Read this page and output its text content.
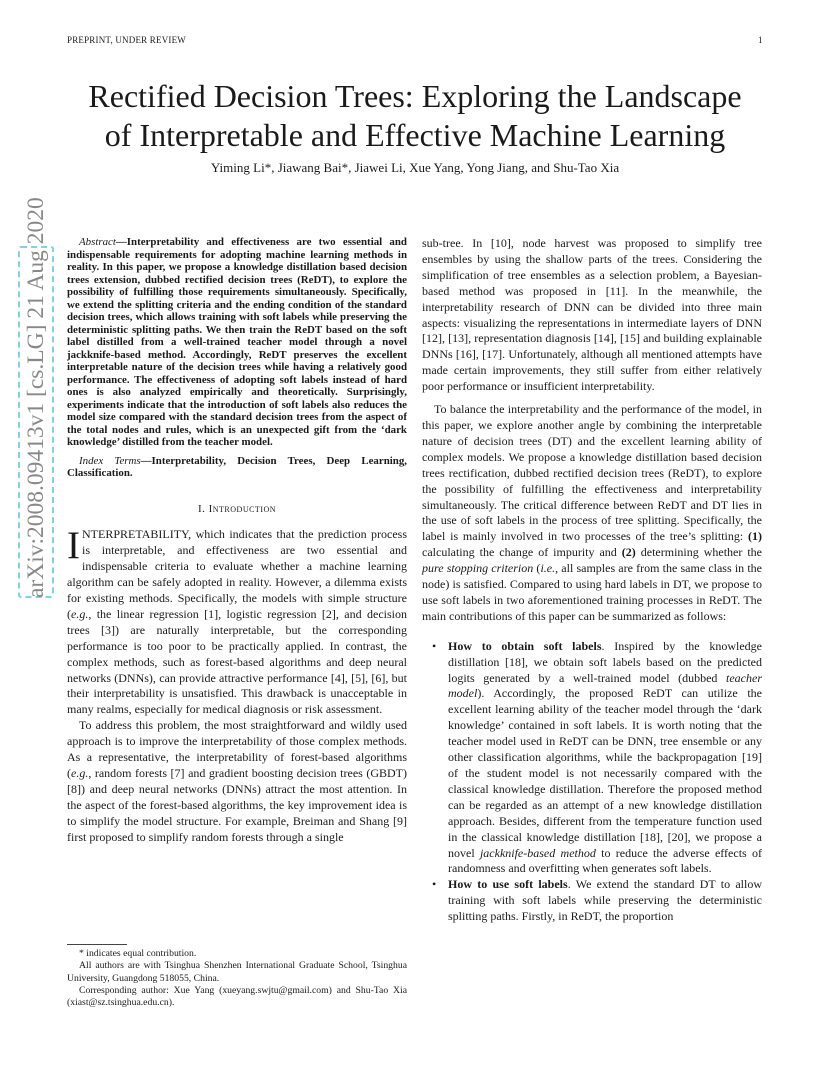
PREPRINT, UNDER REVIEW	1
Rectified Decision Trees: Exploring the Landscape
of Interpretable and Effective Machine Learning
Yiming Li*, Jiawang Bai*, Jiawei Li, Xue Yang, Yong Jiang, and Shu-Tao Xia
arXiv:2008.09413v1 [cs.LG] 21 Aug 2020	Abstract—Interpretability and effectiveness are two essential and indispensable requirements for adopting machine learning methods in reality. In this paper, we propose a knowledge distillation based decision trees extension, dubbed rectified decision trees (ReDT), to explore the possibility of fulfilling those requirements simultaneously. Specifically, we extend the splitting criteria and the ending condition of the standard decision trees, which allows training with soft labels while preserving the deterministic splitting paths. We then train the ReDT based on the soft label distilled from a well-trained teacher model through a novel jackknife-based method. Accordingly, ReDT preserves the excellent interpretable nature of the decision trees while having a relatively good performance. The effectiveness of adopting soft labels instead of hard ones is also analyzed empirically and theoretically. Surprisingly, experiments indicate that the introduction of soft labels also reduces the model size compared with the standard decision trees from the aspect of the total nodes and rules, which is an unexpected gift from the ‘dark knowledge’ distilled from the teacher model.

Index Terms—Interpretability, Decision Trees, Deep Learning, Classification.

I. Introduction

INTERPRETABILITY, which indicates that the prediction process is interpretable, and effectiveness are two essential and indispensable criteria to evaluate whether a machine learning algorithm can be safely adopted in reality. However, a dilemma exists for existing methods. Specifically, the models with simple structure (e.g., the linear regression [1], logistic regression [2], and decision trees [3]) are naturally interpretable, but the corresponding performance is too poor to be practically applied. In contrast, the complex methods, such as forest-based algorithms and deep neural networks (DNNs), can provide attractive performance [4], [5], [6], but their interpretability is unsatisfied. This drawback is unacceptable in many realms, especially for medical diagnosis or risk assessment.

To address this problem, the most straightforward and wildly used approach is to improve the interpretability of those complex methods. As a representative, the interpretability of forest-based algorithms (e.g., random forests [7] and gradient boosting decision trees (GBDT) [8]) and deep neural networks (DNNs) attract the most attention. In the aspect of the forest-based algorithms, the key improvement idea is to simplify the model structure. For example, Breiman and Shang [9] first proposed to simplify random forests through a single

* indicates equal contribution.

All authors are with Tsinghua Shenzhen International Graduate School, Tsinghua University, Guangdong 518055, China.

Corresponding author: Xue Yang (xueyang.swjtu@gmail.com) and Shu-Tao Xia (xiast@sz.tsinghua.edu.cn).

sub-tree. In [10], node harvest was proposed to simplify tree ensembles by using the shallow parts of the trees. Considering the simplification of tree ensembles as a selection problem, a Bayesian-based method was proposed in [11]. In the meanwhile, the interpretability research of DNN can be divided into three main aspects: visualizing the representations in intermediate layers of DNN [12], [13], representation diagnosis [14], [15] and building explainable DNNs [16], [17]. Unfortunately, although all mentioned attempts have made certain improvements, they still suffer from either relatively poor performance or insufficient interpretability.

To balance the interpretability and the performance of the model, in this paper, we explore another angle by combining the interpretable nature of decision trees (DT) and the excellent learning ability of complex models. We propose a knowledge distillation based decision trees rectification, dubbed rectified decision trees (ReDT), to explore the possibility of fulfilling the effectiveness and interpretability simultaneously. The critical difference between ReDT and DT lies in the use of soft labels in the process of tree splitting. Specifically, the label is mainly involved in two processes of the tree’s splitting: (1) calculating the change of impurity and (2) determining whether the pure stopping criterion (i.e., all samples are from the same class in the node) is satisfied. Compared to using hard labels in DT, we propose to use soft labels in two aforementioned training processes in ReDT. The main contributions of this paper can be summarized as follows:

• How to obtain soft labels. Inspired by the knowledge distillation [18], we obtain soft labels based on the predicted logits generated by a well-trained model (dubbed teacher model). Accordingly, the proposed ReDT can utilize the excellent learning ability of the teacher model through the ‘dark knowledge’ contained in soft labels. It is worth noting that the teacher model used in ReDT can be DNN, tree ensemble or any other classification algorithms, while the backpropagation [19] of the student model is not necessarily compared with the classical knowledge distillation. Therefore the proposed method can be regarded as an attempt of a new knowledge distillation approach. Besides, different from the temperature function used in the classical knowledge distillation [18], [20], we propose a novel jackknife-based method to reduce the adverse effects of randomness and overfitting when generates soft labels.
• How to use soft labels. We extend the standard DT to allow training with soft labels while preserving the deterministic splitting paths. Firstly, in ReDT, the proportion
